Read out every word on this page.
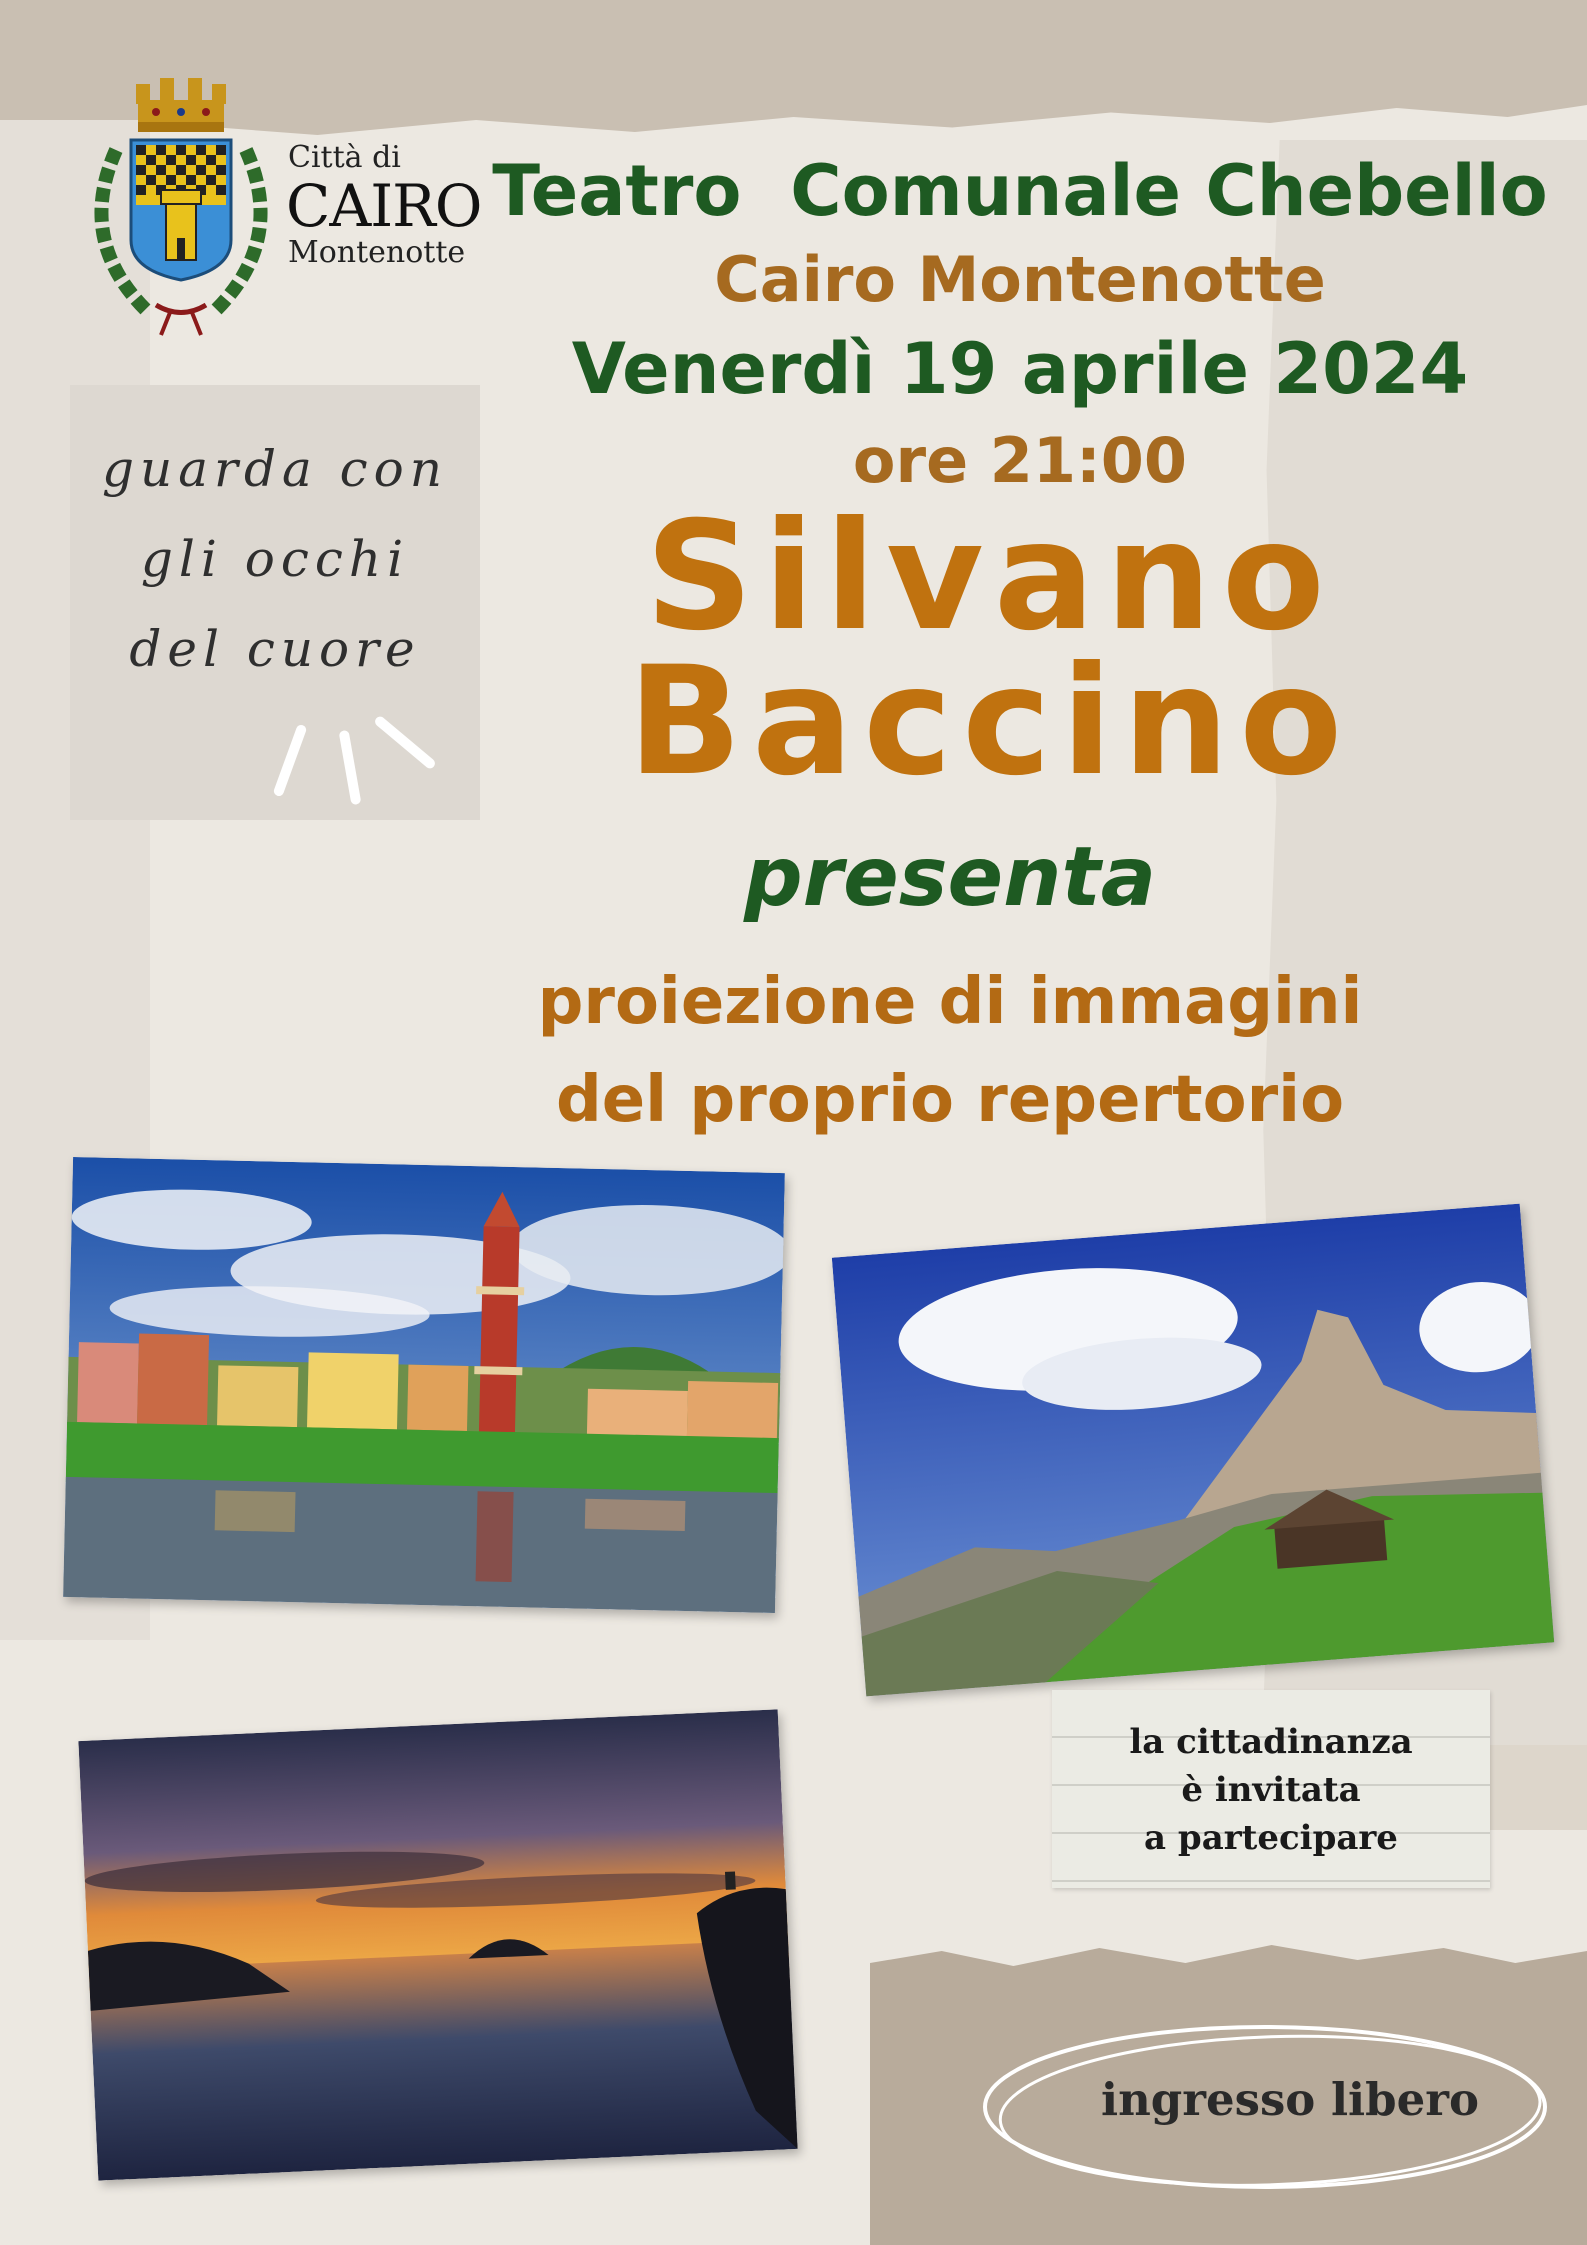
Città di
CAIRO
Montenotte
Teatro  Comunale Chebello
Cairo Montenotte
Venerdì 19 aprile 2024
ore 21:00
Silvano
Baccino
presenta
proiezione di immagini
del proprio repertorio
guarda con
gli occhi
del cuore
la cittadinanza
è invitata
a partecipare
ingresso libero
